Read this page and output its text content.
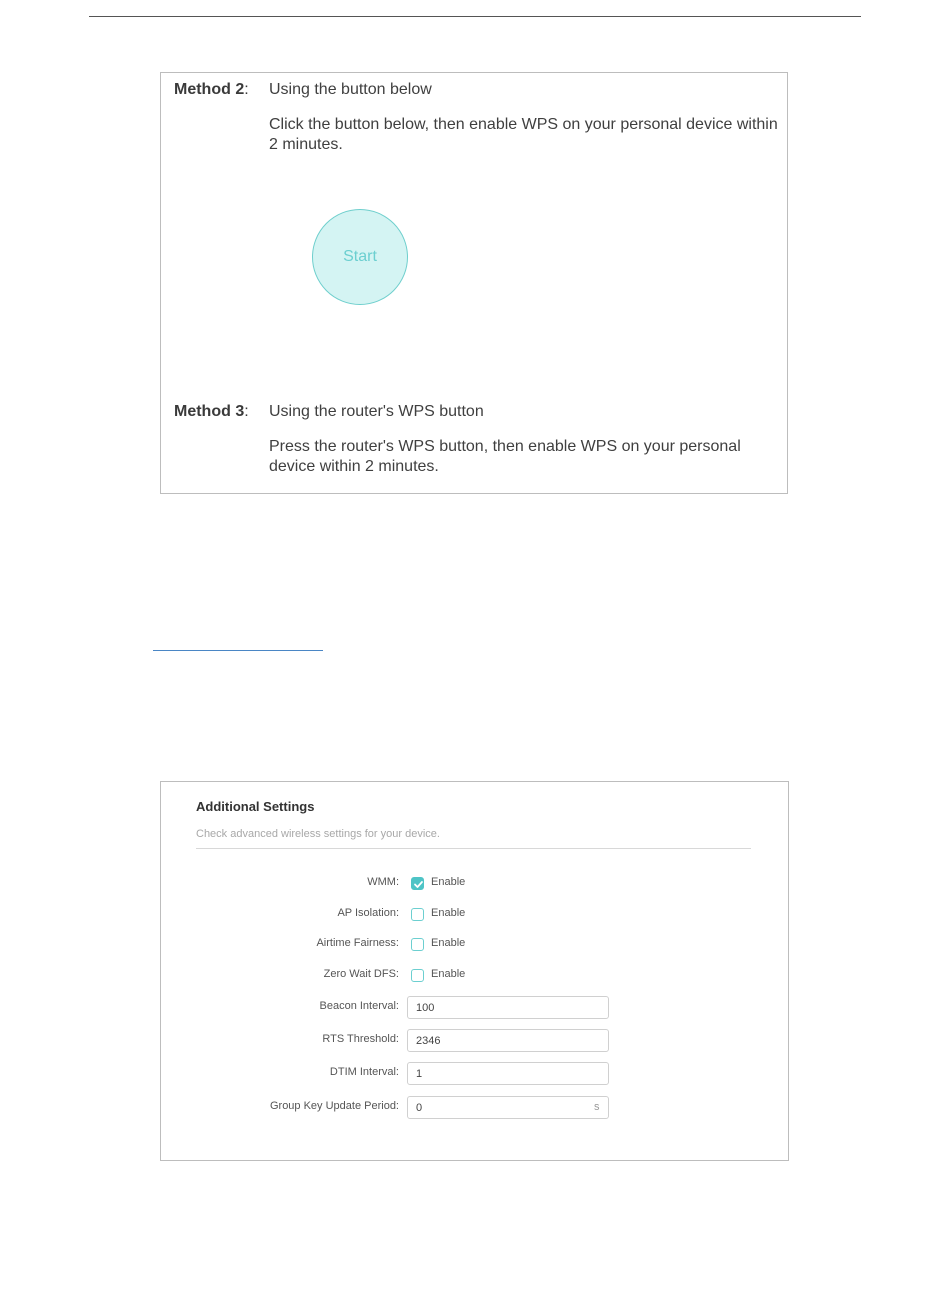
Method 2: Using the button below
Click the button below, then enable WPS on your personal device within 2 minutes.
Start
Method 3: Using the router's WPS button
Press the router's WPS button, then enable WPS on your personal device within 2 minutes.
Additional Settings
Check advanced wireless settings for your device.
WMM:	Enable
AP Isolation:	Enable
Airtime Fairness:	Enable
Zero Wait DFS:	Enable
Beacon Interval:
100
RTS Threshold:
2346
DTIM Interval:
1
Group Key Update Period:
0	s
